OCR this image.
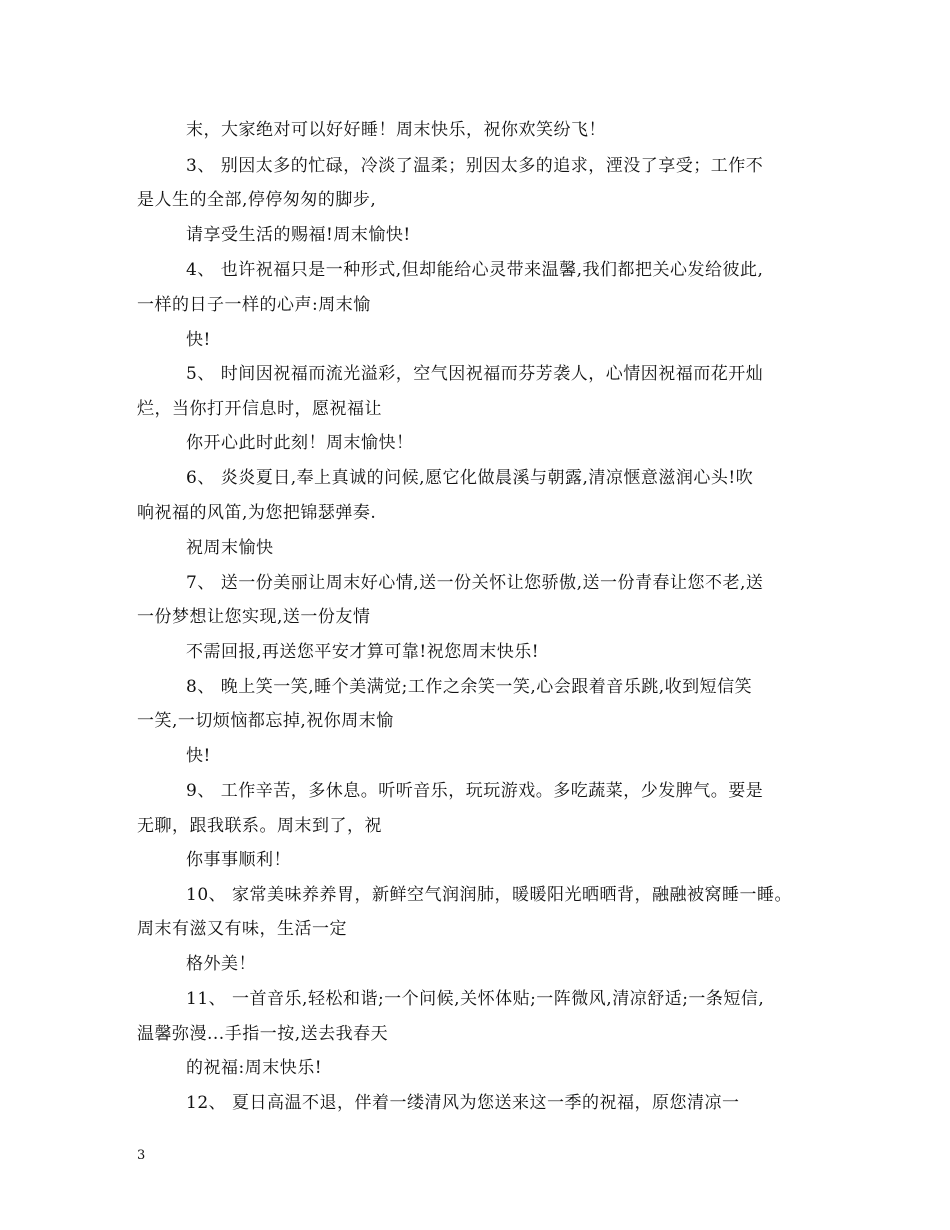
末，大家绝对可以好好睡！周末快乐，祝你欢笑纷飞！
3、 别因太多的忙碌，冷淡了温柔；别因太多的追求，湮没了享受；工作不
是人生的全部,停停匆匆的脚步,
请享受生活的赐福!周末愉快!
4、 也许祝福只是一种形式,但却能给心灵带来温馨,我们都把关心发给彼此,
一样的日子一样的心声:周末愉
快!
5、 时间因祝福而流光溢彩，空气因祝福而芬芳袭人，心情因祝福而花开灿
烂，当你打开信息时，愿祝福让
你开心此时此刻！周末愉快！
6、 炎炎夏日,奉上真诚的问候,愿它化做晨溪与朝露,清凉惬意滋润心头!吹
响祝福的风笛,为您把锦瑟弹奏.
祝周末愉快
7、 送一份美丽让周末好心情,送一份关怀让您骄傲,送一份青春让您不老,送
一份梦想让您实现,送一份友情
不需回报,再送您平安才算可靠!祝您周末快乐!
8、 晚上笑一笑,睡个美满觉;工作之余笑一笑,心会跟着音乐跳,收到短信笑
一笑,一切烦恼都忘掉,祝你周末愉
快!
9、 工作辛苦，多休息。听听音乐，玩玩游戏。多吃蔬菜，少发脾气。要是
无聊，跟我联系。周末到了，祝
你事事顺利！
10、 家常美味养养胃，新鲜空气润润肺，暖暖阳光晒晒背，融融被窝睡一睡。
周末有滋又有味，生活一定
格外美！
11、 一首音乐,轻松和谐;一个问候,关怀体贴;一阵微风,清凉舒适;一条短信,
温馨弥漫...手指一按,送去我春天
的祝福:周末快乐!
12、 夏日高温不退，伴着一缕清风为您送来这一季的祝福，原您清凉一
3
